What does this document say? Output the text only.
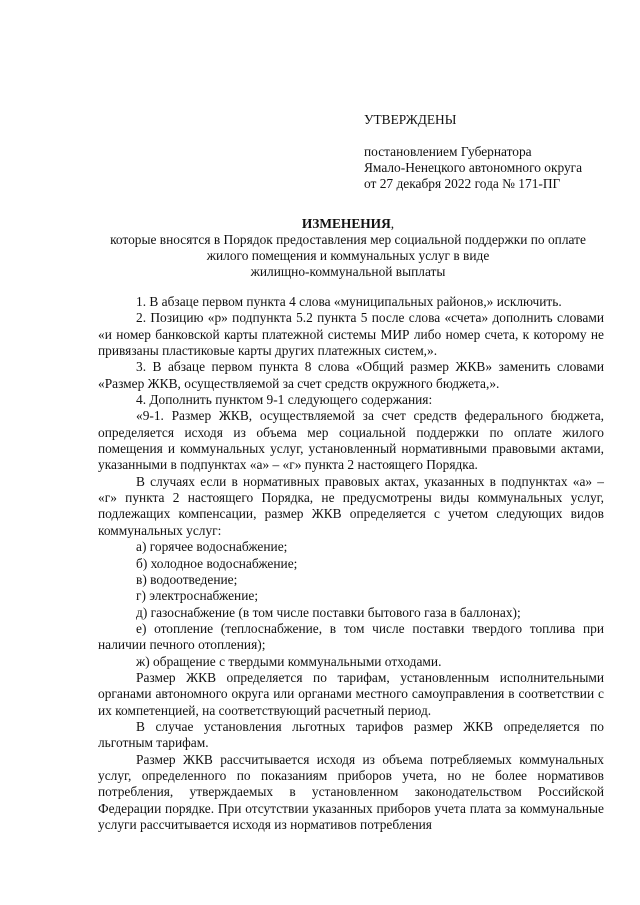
УТВЕРЖДЕНЫ
постановлением Губернатора
Ямало-Ненецкого автономного округа
от 27 декабря 2022 года № 171-ПГ
ИЗМЕНЕНИЯ,
которые вносятся в Порядок предоставления мер социальной поддержки по оплате
жилого помещения и коммунальных услуг в виде
жилищно-коммунальной выплаты

1. В абзаце первом пункта 4 слова «муниципальных районов,» исключить.

2. Позицию «р» подпункта 5.2 пункта 5 после слова «счета» дополнить словами «и номер банковской карты платежной системы МИР либо номер счета, к которому не привязаны пластиковые карты других платежных систем,».

3. В абзаце первом пункта 8 слова «Общий размер ЖКВ» заменить словами «Размер ЖКВ, осуществляемой за счет средств окружного бюджета,».

4. Дополнить пунктом 9-1 следующего содержания:

«9-1. Размер ЖКВ, осуществляемой за счет средств федерального бюджета, определяется исходя из объема мер социальной поддержки по оплате жилого помещения и коммунальных услуг, установленный нормативными правовыми актами, указанными в подпунктах «а» – «г» пункта 2 настоящего Порядка.

В случаях если в нормативных правовых актах, указанных в подпунктах «а» – «г» пункта 2 настоящего Порядка, не предусмотрены виды коммунальных услуг, подлежащих компенсации, размер ЖКВ определяется с учетом следующих видов коммунальных услуг:

а) горячее водоснабжение;

б) холодное водоснабжение;

в) водоотведение;

г) электроснабжение;

д) газоснабжение (в том числе поставки бытового газа в баллонах);

е) отопление (теплоснабжение, в том числе поставки твердого топлива при наличии печного отопления);

ж) обращение с твердыми коммунальными отходами.

Размер ЖКВ определяется по тарифам, установленным исполнительными органами автономного округа или органами местного самоуправления в соответствии с их компетенцией, на соответствующий расчетный период.

В случае установления льготных тарифов размер ЖКВ определяется по льготным тарифам.

Размер ЖКВ рассчитывается исходя из объема потребляемых коммунальных услуг, определенного по показаниям приборов учета, но не более нормативов потребления, утверждаемых в установленном законодательством Российской Федерации порядке. При отсутствии указанных приборов учета плата за коммунальные услуги рассчитывается исходя из нормативов потребления
